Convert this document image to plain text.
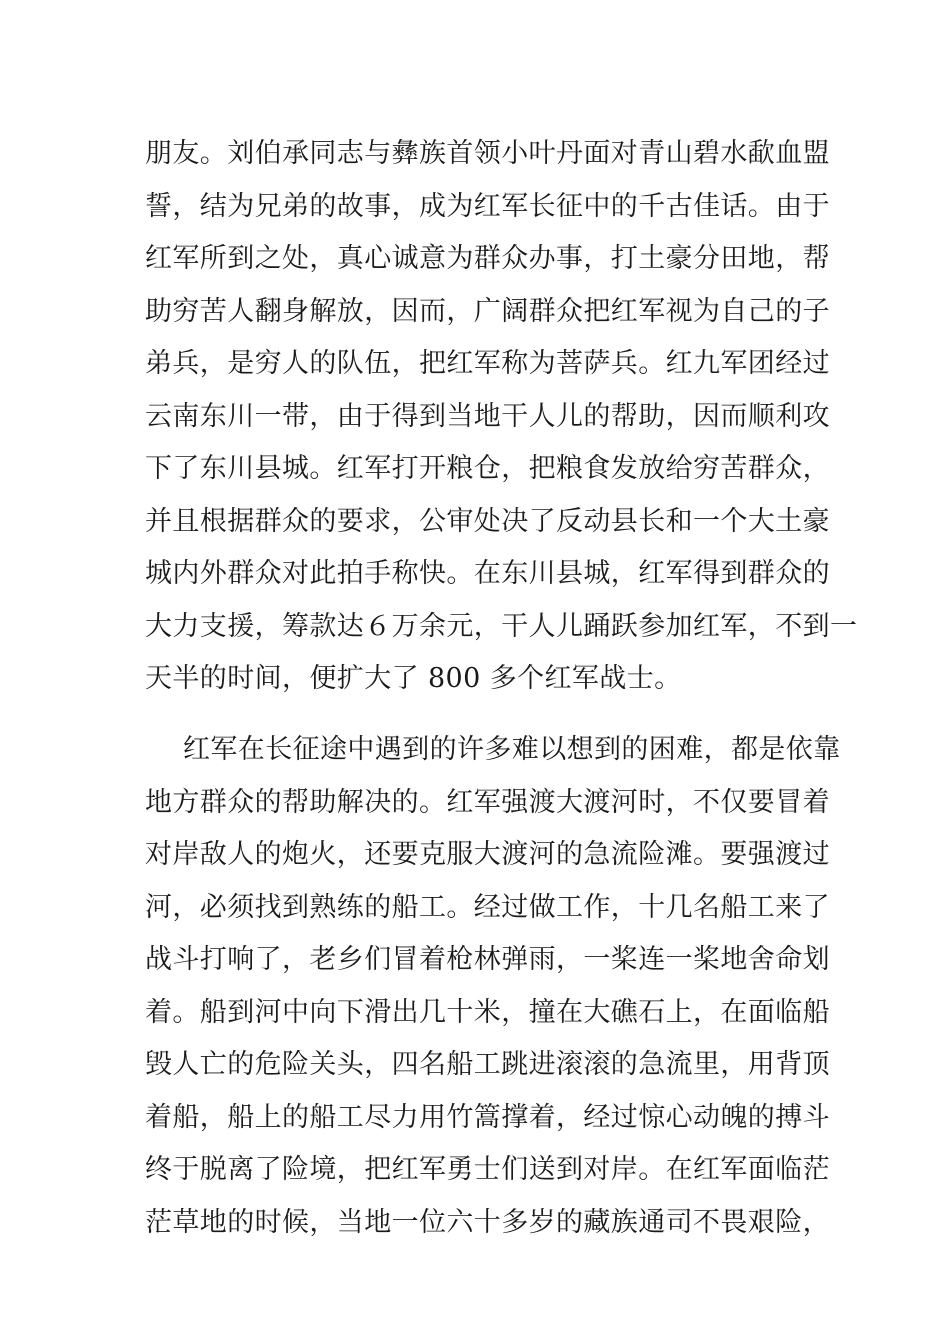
朋友。刘伯承同志与彝族首领小叶丹面对青山碧水歃血盟
誓，结为兄弟的故事，成为红军长征中的千古佳话。由于
红军所到之处，真心诚意为群众办事，打土豪分田地，帮
助穷苦人翻身解放，因而，广阔群众把红军视为自己的子
弟兵，是穷人的队伍，把红军称为菩萨兵。红九军团经过
云南东川一带，由于得到当地干人儿的帮助，因而顺利攻
下了东川县城。红军打开粮仓，把粮食发放给穷苦群众，
并且根据群众的要求，公审处决了反动县长和一个大土豪
城内外群众对此拍手称快。在东川县城，红军得到群众的
大力支援，筹款达６万余元，干人儿踊跃参加红军，不到一
天半的时间，便扩大了 800 多个红军战士。
红军在长征途中遇到的许多难以想到的困难，都是依靠
地方群众的帮助解决的。红军强渡大渡河时，不仅要冒着
对岸敌人的炮火，还要克服大渡河的急流险滩。要强渡过
河，必须找到熟练的船工。经过做工作，十几名船工来了
战斗打响了，老乡们冒着枪林弹雨，一桨连一桨地舍命划
着。船到河中向下滑出几十米，撞在大礁石上，在面临船
毁人亡的危险关头，四名船工跳进滚滚的急流里，用背顶
着船，船上的船工尽力用竹篙撑着，经过惊心动魄的搏斗
终于脱离了险境，把红军勇士们送到对岸。在红军面临茫
茫草地的时候，当地一位六十多岁的藏族通司不畏艰险，
